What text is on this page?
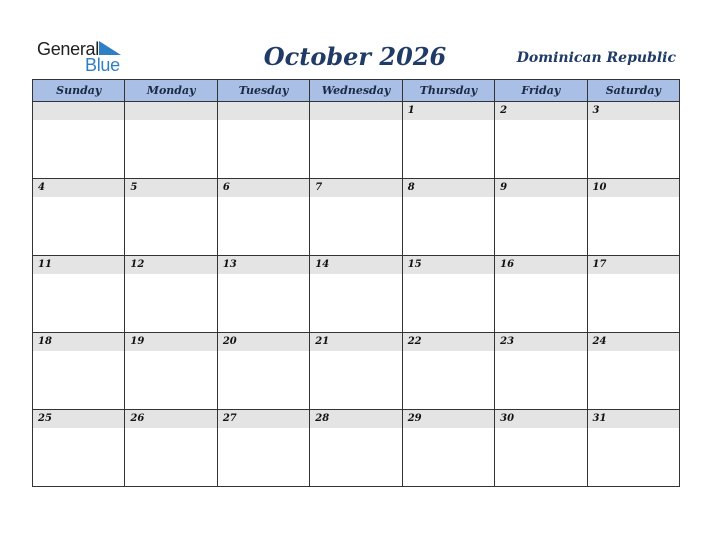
General
Blue	October 2026	Dominican Republic
Sunday	Monday	Tuesday	Wednesday	Thursday	Friday	Saturday

				1	2	3

4	5	6	7	8	9	10

11	12	13	14	15	16	17

18	19	20	21	22	23	24

25	26	27	28	29	30	31
